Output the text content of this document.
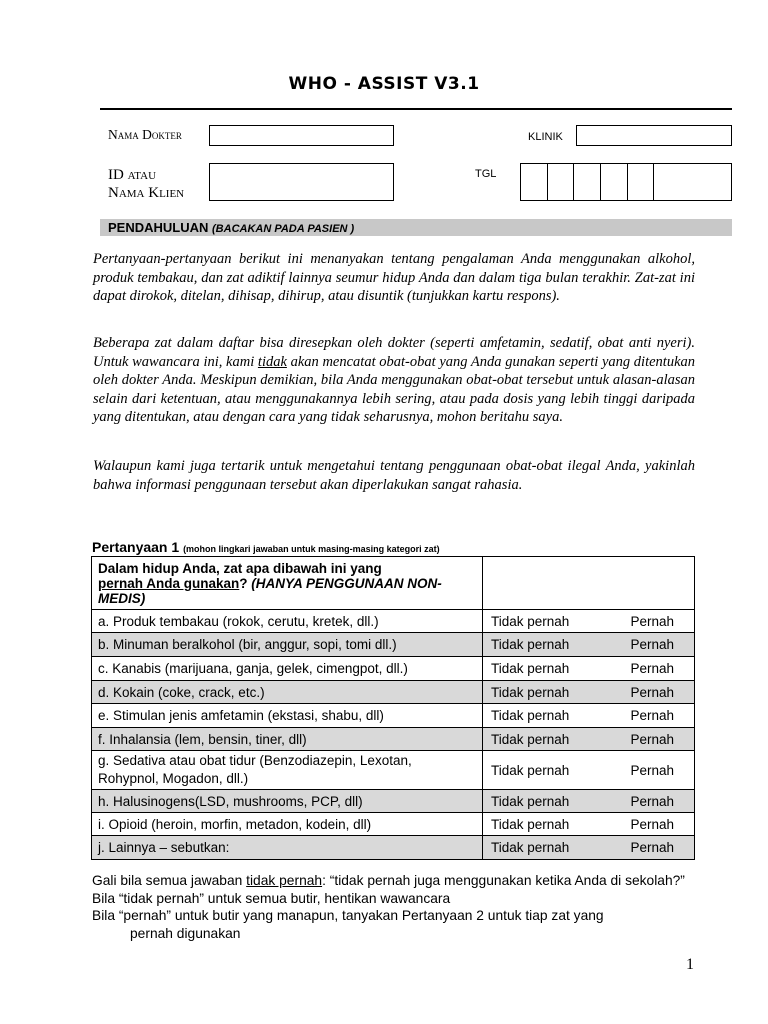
WHO - ASSIST V3.1
Nama Dokter	KLINIK
ID atau
Nama Klien
TGL
PENDAHULUAN (BACAKAN PADA PASIEN )

Pertanyaan-pertanyaan berikut ini menanyakan tentang pengalaman Anda menggunakan alkohol, produk tembakau, dan zat adiktif lainnya seumur hidup Anda dan dalam tiga bulan terakhir. Zat-zat ini dapat dirokok, ditelan, dihisap, dihirup, atau disuntik (tunjukkan kartu respons).

Beberapa zat dalam daftar bisa diresepkan oleh dokter (seperti amfetamin, sedatif, obat anti nyeri). Untuk wawancara ini, kami tidak akan mencatat obat-obat yang Anda gunakan seperti yang ditentukan oleh dokter Anda. Meskipun demikian, bila Anda menggunakan obat-obat tersebut untuk alasan-alasan selain dari ketentuan, atau menggunakannya lebih sering, atau pada dosis yang lebih tinggi daripada yang ditentukan, atau dengan cara yang tidak seharusnya, mohon beritahu saya.

Walaupun kami juga tertarik untuk mengetahui tentang penggunaan obat-obat ilegal Anda, yakinlah bahwa informasi penggunaan tersebut akan diperlakukan sangat rahasia.

Pertanyaan 1 (mohon lingkari jawaban untuk masing-masing kategori zat)
Dalam hidup Anda, zat apa dibawah ini yang
pernah Anda gunakan? (HANYA PENGGUNAAN NON-MEDIS)	

a. Produk tembakau (rokok, cerutu, kretek, dll.)	Tidak pernah Pernah

b. Minuman beralkohol (bir, anggur, sopi, tomi dll.)	Tidak pernah Pernah

c. Kanabis (marijuana, ganja, gelek, cimengpot, dll.)	Tidak pernah Pernah

d. Kokain (coke, crack, etc.)	Tidak pernah Pernah

e. Stimulan jenis amfetamin (ekstasi, shabu, dll)	Tidak pernah Pernah

f. Inhalansia (lem, bensin, tiner, dll)	Tidak pernah Pernah

g. Sedativa atau obat tidur (Benzodiazepin, Lexotan, Rohypnol, Mogadon, dll.)	Tidak pernah Pernah

h. Halusinogens(LSD, mushrooms, PCP, dll)	Tidak pernah Pernah

i. Opioid (heroin, morfin, metadon, kodein, dll)	Tidak pernah Pernah

j. Lainnya – sebutkan:	Tidak pernah Pernah

Gali bila semua jawaban tidak pernah: “tidak pernah juga menggunakan ketika Anda di sekolah?”

Bila “tidak pernah” untuk semua butir, hentikan wawancara

Bila “pernah” untuk butir yang manapun, tanyakan Pertanyaan 2 untuk tiap zat yang

pernah digunakan

1
